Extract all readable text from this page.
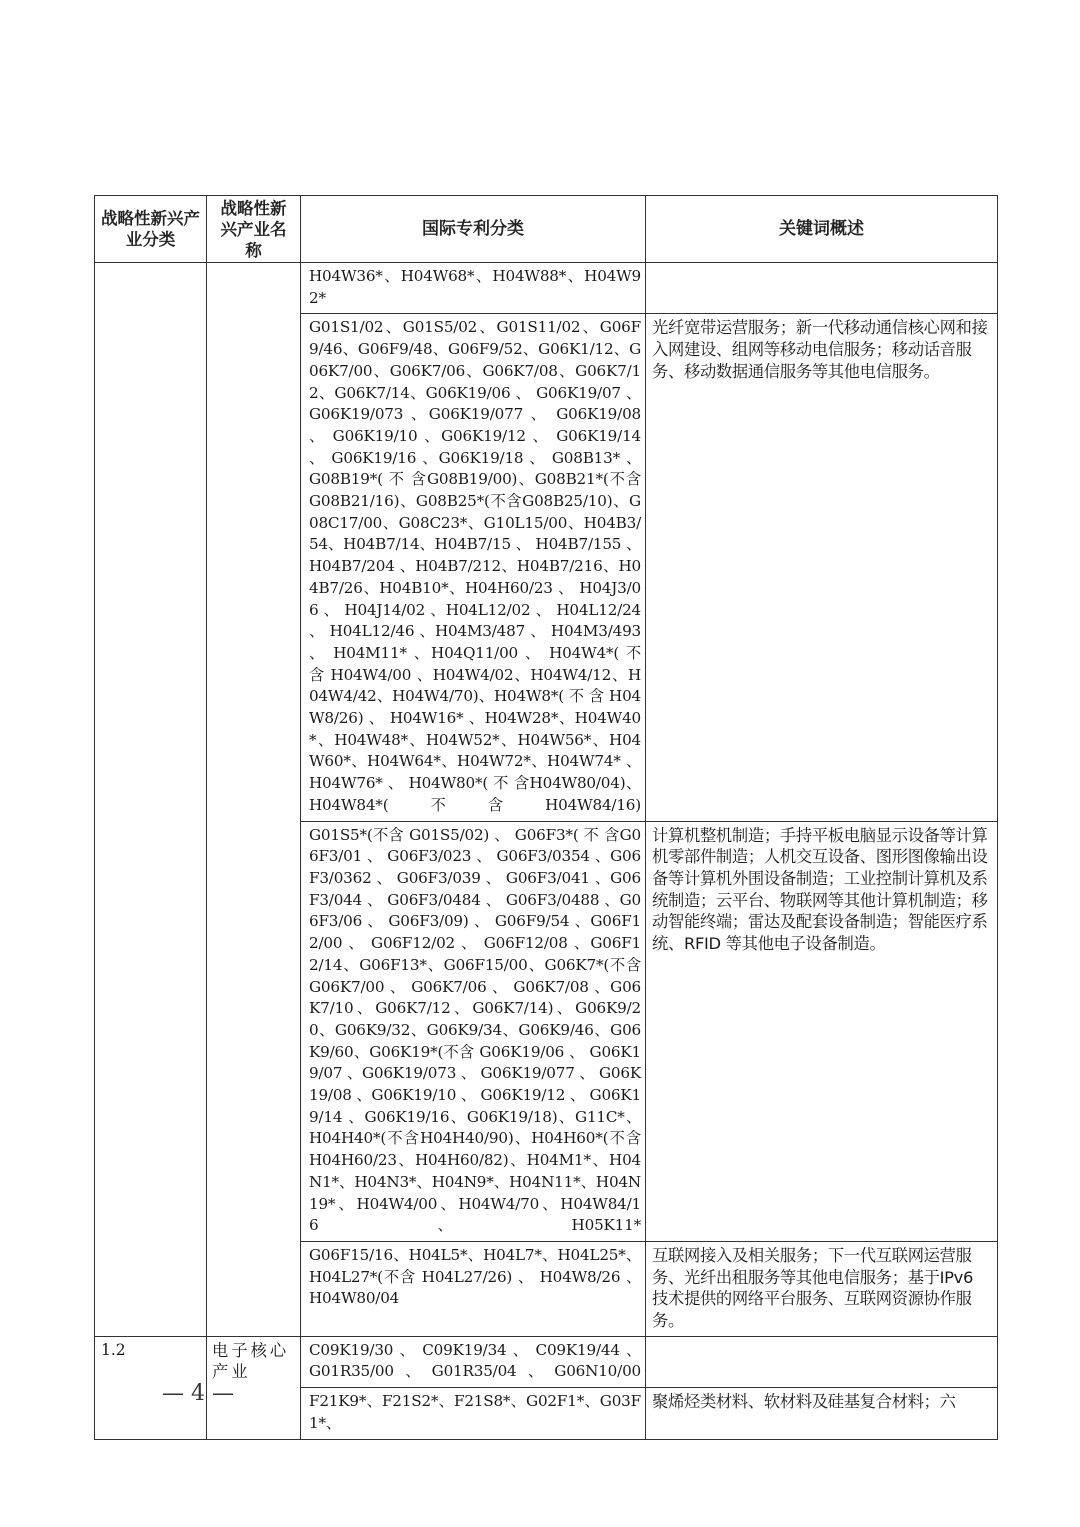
战略性新兴产业分类	战略性新兴产业名称	国际专利分类	关键词概述

		H04W36*、H04W68*、H04W88*、H04W92*	

		G01S1/02、G01S5/02、G01S11/02、G06F9/46、G06F9/48、G06F9/52、G06K1/12、G06K7/00、G06K7/06、G06K7/08、G06K7/12、G06K7/14、G06K19/06 、 G06K19/07 、 G06K19/073 、G06K19/077 、 G06K19/08 、 G06K19/10 、G06K19/12 、 G06K19/14 、 G06K19/16 、G06K19/18 、 G08B13* 、 G08B19*( 不 含G08B19/00)、G08B21*(不含G08B21/16)、G08B25*(不含G08B25/10)、G08C17/00、G08C23*、G10L15/00、H04B3/54、H04B7/14、H04B7/15 、 H04B7/155 、 H04B7/204 、H04B7/212、H04B7/216、H04B7/26、H04B10*、H04H60/23 、 H04J3/06 、 H04J14/02 、H04L12/02 、 H04L12/24 、 H04L12/46 、H04M3/487 、 H04M3/493 、 H04M11* 、H04Q11/00 、 H04W4*( 不 含 H04W4/00 、H04W4/02、H04W4/12、H04W4/42、H04W4/70)、H04W8*( 不 含 H04W8/26) 、 H04W16* 、H04W28*、H04W40*、H04W48*、H04W52*、H04W56*、H04W60*、H04W64*、H04W72*、H04W74* 、 H04W76* 、 H04W80*( 不 含H04W80/04)、H04W84*(不含H04W84/16)	光纤宽带运营服务；新一代移动通信核心网和接入网建设、组网等移动电信服务；移动话音服务、移动数据通信服务等其他电信服务。

		G01S5*(不含 G01S5/02) 、 G06F3*( 不 含G06F3/01 、 G06F3/023 、 G06F3/0354 、G06F3/0362 、 G06F3/039 、 G06F3/041 、G06F3/044 、 G06F3/0484 、 G06F3/0488 、G06F3/06 、 G06F3/09) 、 G06F9/54 、G06F12/00 、 G06F12/02 、 G06F12/08 、G06F12/14、G06F13*、G06F15/00、G06K7*(不含 G06K7/00 、 G06K7/06 、 G06K7/08 、G06K7/10、G06K7/12、G06K7/14)、G06K9/20、G06K9/32、G06K9/34、G06K9/46、G06K9/60、G06K19*(不含 G06K19/06 、 G06K19/07 、G06K19/073 、 G06K19/077 、 G06K19/08 、G06K19/10 、 G06K19/12 、 G06K19/14 、G06K19/16、G06K19/18)、G11C*、H04H40*(不含H04H40/90)、H04H60*(不含H04H60/23、H04H60/82)、H04M1*、H04N1*、H04N3*、H04N9*、H04N11*、H04N19*、H04W4/00、H04W4/70、H04W84/16、H05K11*	计算机整机制造；手持平板电脑显示设备等计算机零部件制造；人机交互设备、图形图像输出设备等计算机外围设备制造；工业控制计算机及系统制造；云平台、物联网等其他计算机制造；移动智能终端；雷达及配套设备制造；智能医疗系统、RFID 等其他电子设备制造。

		G06F15/16、H04L5*、H04L7*、H04L25*、H04L27*(不含 H04L27/26) 、 H04W8/26 、H04W80/04	互联网接入及相关服务；下一代互联网运营服务、光纤出租服务等其他电信服务；基于IPv6 技术提供的网络平台服务、互联网资源协作服务。

1.2	电子核心产业	C09K19/30 、 C09K19/34 、 C09K19/44 、G01R35/00、G01R35/04、G06N10/00	

		F21K9*、F21S2*、F21S8*、G02F1*、G03F1*、	聚烯烃类材料、软材料及硅基复合材料；六
— 4 —
